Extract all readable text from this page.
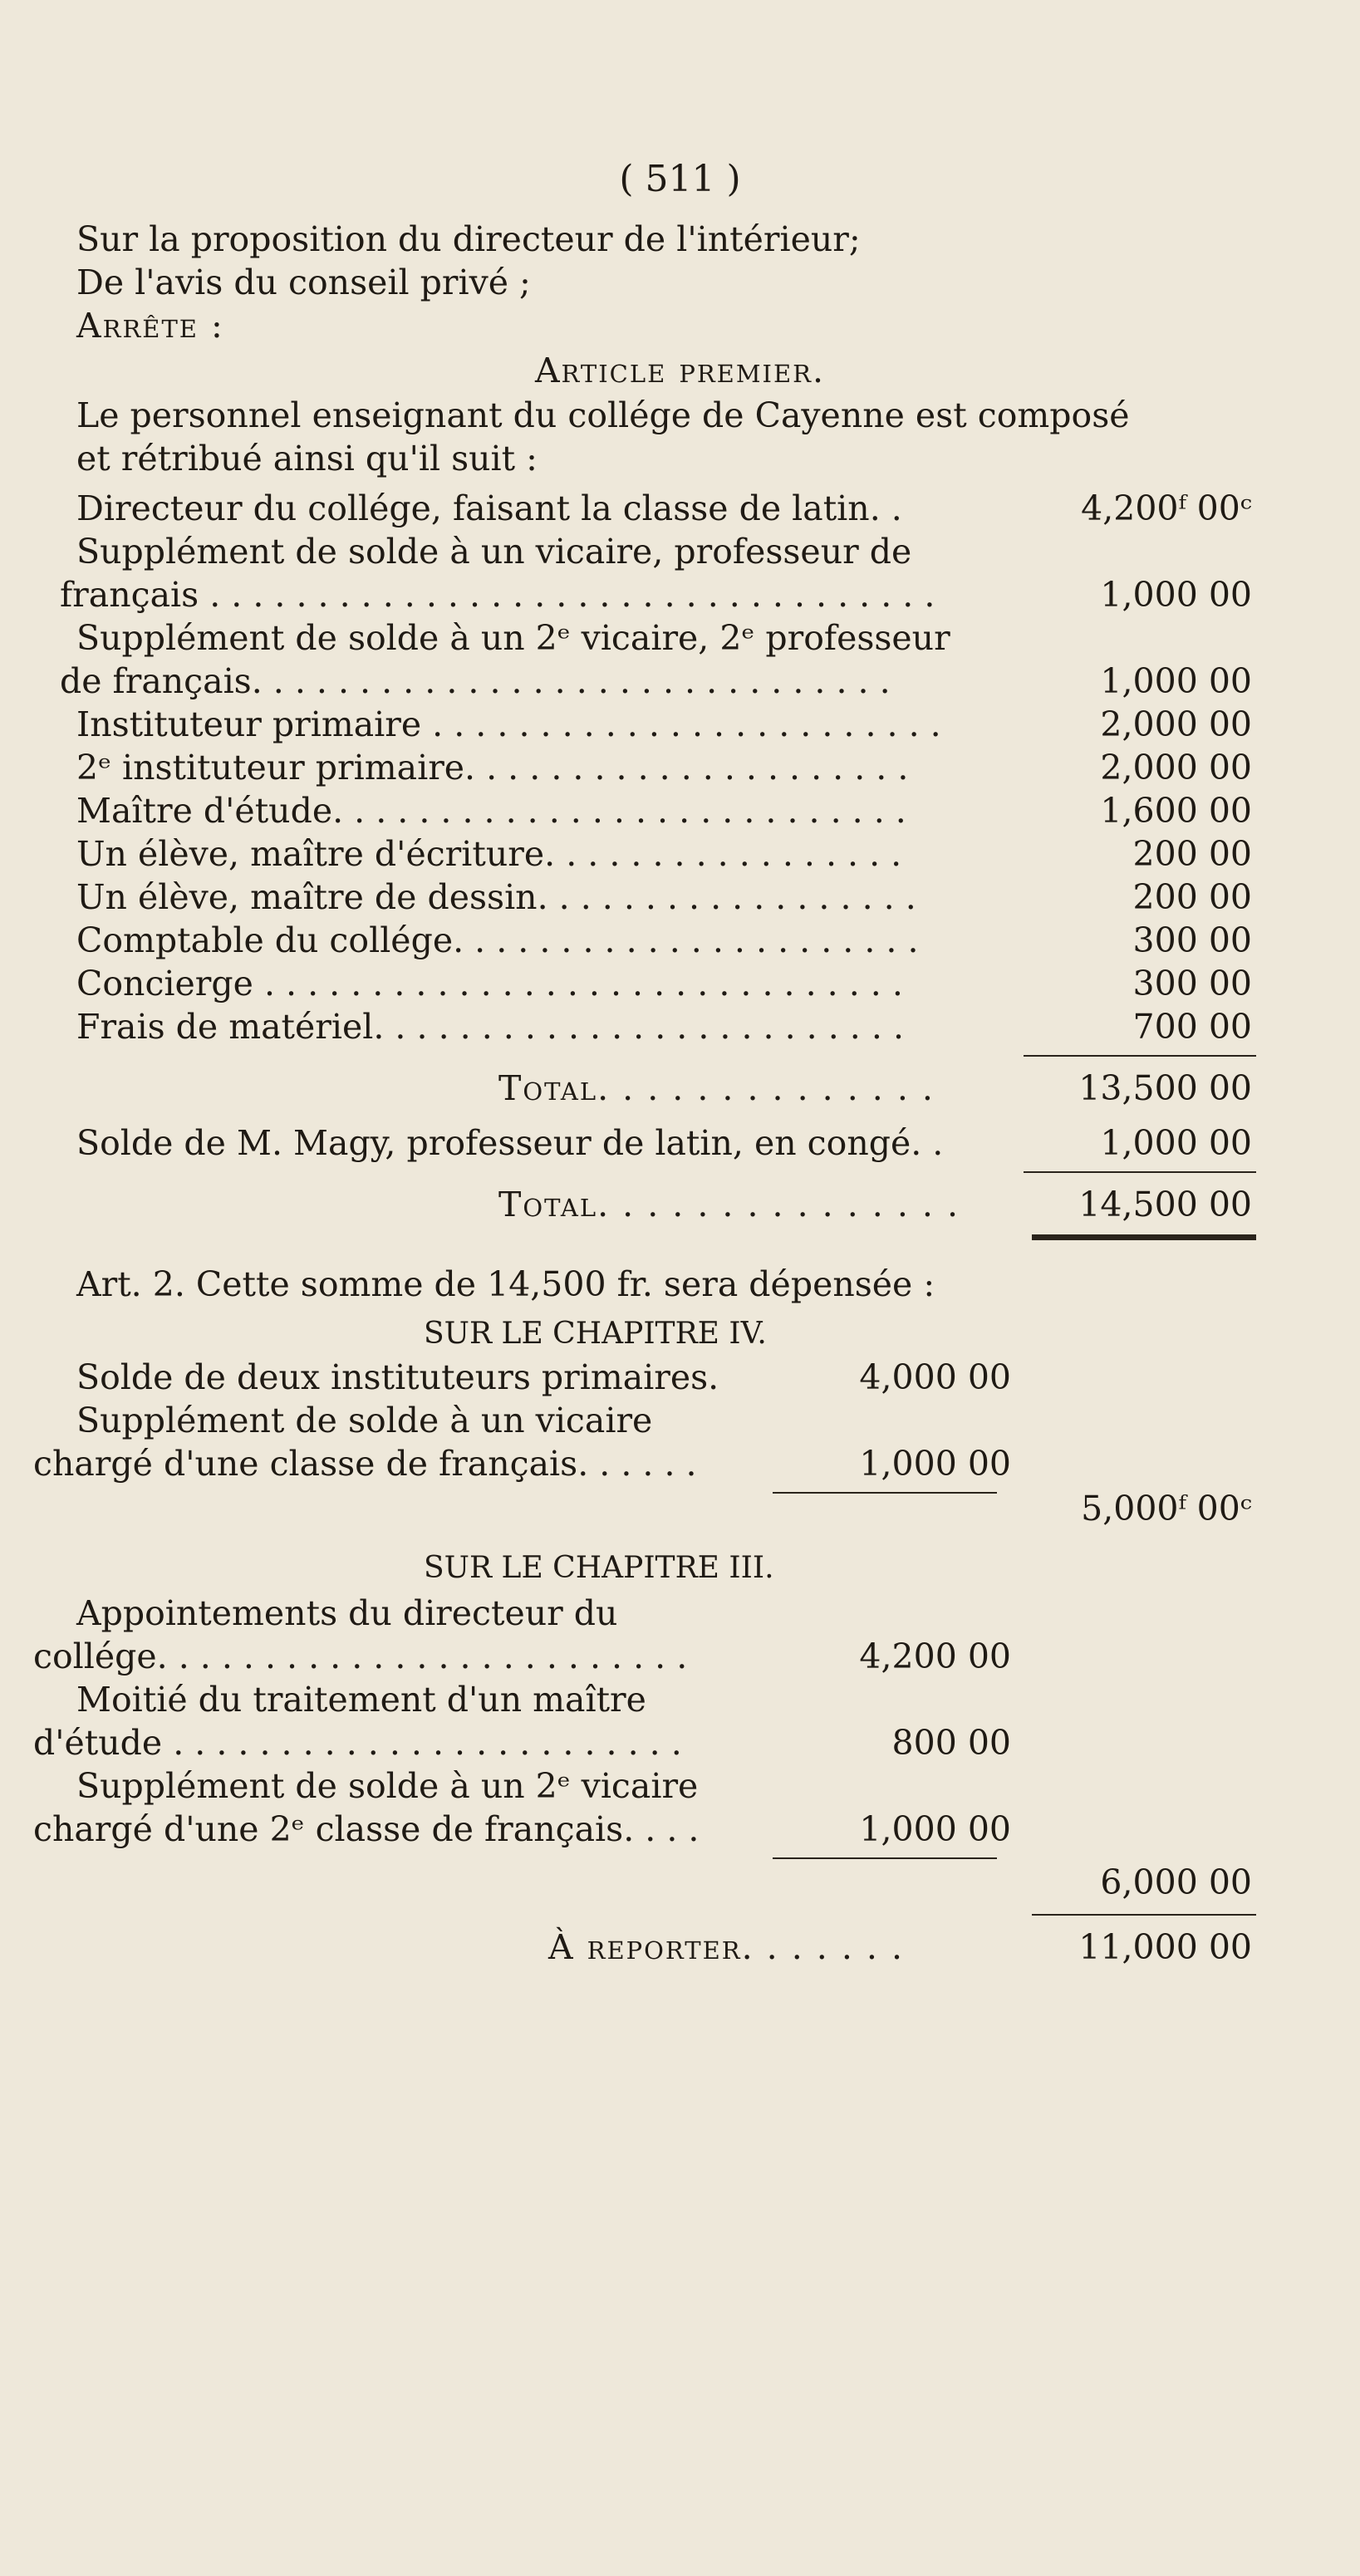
( 511 )
Sur la proposition du directeur de l'intérieur;
De l'avis du conseil privé ;
Arrête :
Article premier.
Le personnel enseignant du collége de Cayenne est composé
et rétribué ainsi qu'il suit :
Directeur du collége, faisant la classe de latin. .	4,200ᶠ 00ᶜ
Supplément de solde à un vicaire, professeur de
français . . . . . . . . . . . . . . . . . . . . . . . . . . . . . . . . . .	1,000 00
Supplément de solde à un 2ᵉ vicaire, 2ᵉ professeur
de français. . . . . . . . . . . . . . . . . . . . . . . . . . . . . .	1,000 00
Instituteur primaire . . . . . . . . . . . . . . . . . . . . . . . .	2,000 00
2ᵉ instituteur primaire. . . . . . . . . . . . . . . . . . . . .	2,000 00
Maître d'étude. . . . . . . . . . . . . . . . . . . . . . . . . . .	1,600 00
Un élève, maître d'écriture. . . . . . . . . . . . . . . . .	200 00
Un élève, maître de dessin. . . . . . . . . . . . . . . . . .	200 00
Comptable du collége. . . . . . . . . . . . . . . . . . . . . .	300 00
Concierge . . . . . . . . . . . . . . . . . . . . . . . . . . . . . .	300 00
Frais de matériel. . . . . . . . . . . . . . . . . . . . . . . . .	700 00
Total. . . . . . . . . . . . . .	13,500 00
Solde de M. Magy, professeur de latin, en congé. .	1,000 00
Total. . . . . . . . . . . . . . .	14,500 00
Art. 2. Cette somme de 14,500 fr. sera dépensée :
SUR LE CHAPITRE IV.
Solde de deux instituteurs primaires.	4,000 00
Supplément de solde à un vicaire
chargé d'une classe de français. . . . . .	1,000 00
5,000ᶠ 00ᶜ
SUR LE CHAPITRE III.
Appointements du directeur du
collége. . . . . . . . . . . . . . . . . . . . . . . . .	4,200 00
Moitié du traitement d'un maître
d'étude . . . . . . . . . . . . . . . . . . . . . . . .	800 00
Supplément de solde à un 2ᵉ vicaire
chargé d'une 2ᵉ classe de français. . . .	1,000 00
6,000 00
À reporter. . . . . . .	11,000 00
